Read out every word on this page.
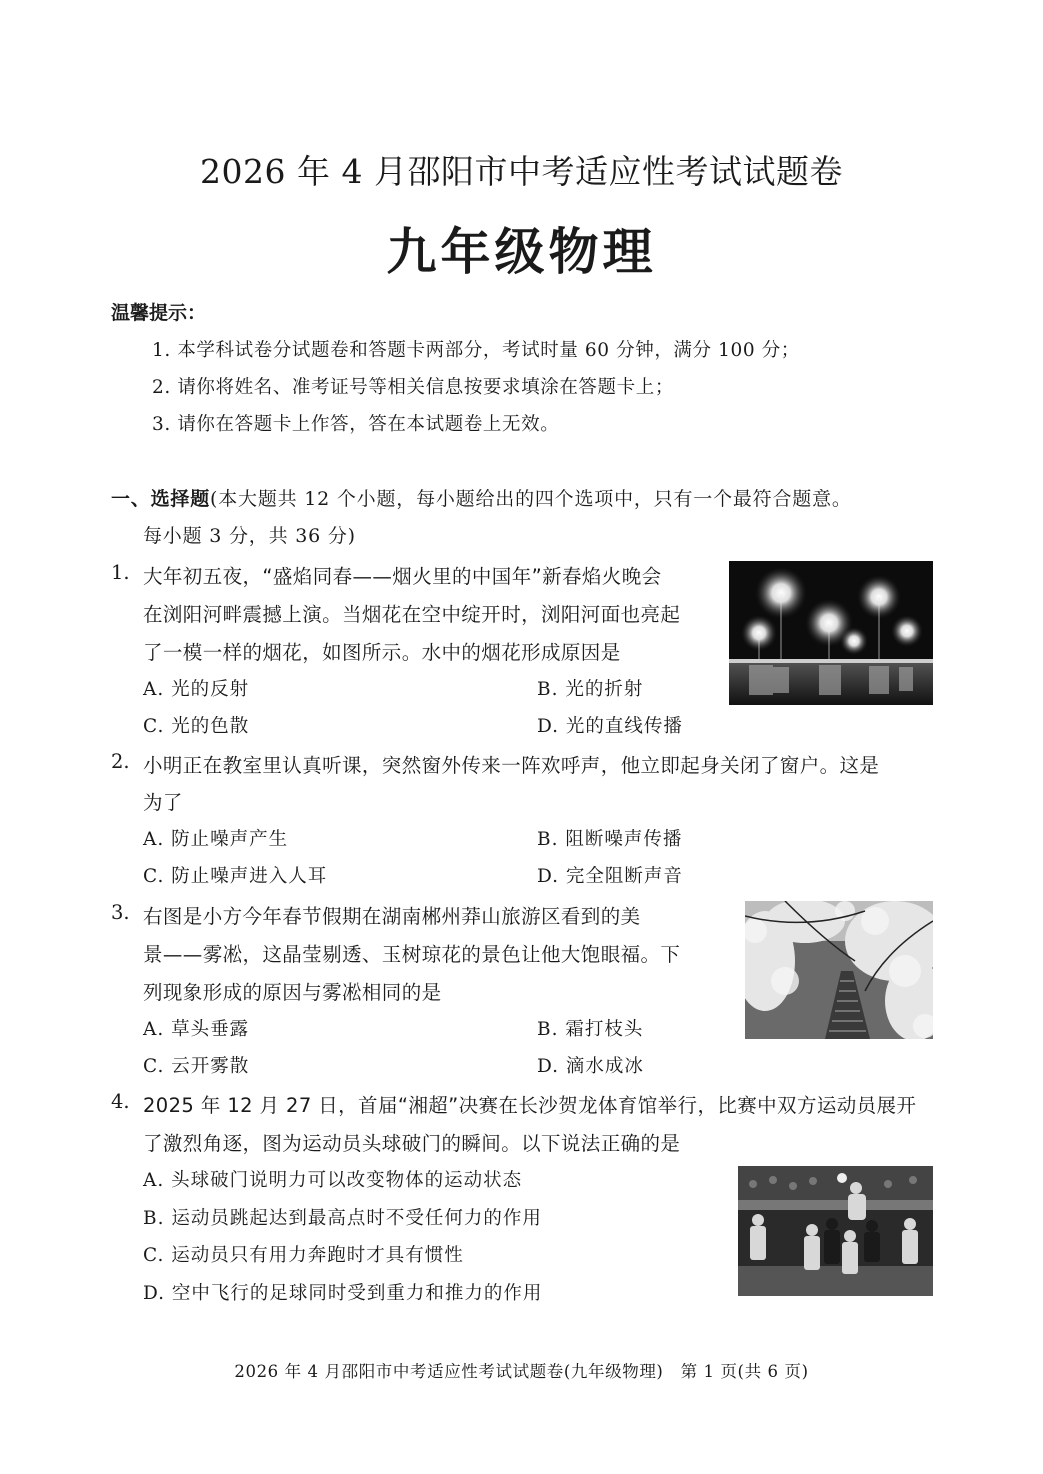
2026 年 4 月邵阳市中考适应性考试试题卷
九年级物理
温馨提示：
1. 本学科试卷分试题卷和答题卡两部分，考试时量 60 分钟，满分 100 分；
2. 请你将姓名、准考证号等相关信息按要求填涂在答题卡上；
3. 请你在答题卡上作答，答在本试题卷上无效。
一、选择题(本大题共 12 个小题，每小题给出的四个选项中，只有一个最符合题意。
每小题 3 分，共 36 分)
1. 大年初五夜，“盛焰同春——烟火里的中国年”新春焰火晚会
在浏阳河畔震撼上演。当烟花在空中绽开时，浏阳河面也亮起
了一模一样的烟花，如图所示。水中的烟花形成原因是
A. 光的反射	B. 光的折射
C. 光的色散	D. 光的直线传播
2. 小明正在教室里认真听课，突然窗外传来一阵欢呼声，他立即起身关闭了窗户。这是
为了
A. 防止噪声产生	B. 阻断噪声传播
C. 防止噪声进入人耳	D. 完全阻断声音
3. 右图是小方今年春节假期在湖南郴州莽山旅游区看到的美
景——雾凇，这晶莹剔透、玉树琼花的景色让他大饱眼福。下
列现象形成的原因与雾凇相同的是
A. 草头垂露	B. 霜打枝头
C. 云开雾散	D. 滴水成冰
4. 2025 年 12 月 27 日，首届“湘超”决赛在长沙贺龙体育馆举行，比赛中双方运动员展开
了激烈角逐，图为运动员头球破门的瞬间。以下说法正确的是
A. 头球破门说明力可以改变物体的运动状态
B. 运动员跳起达到最高点时不受任何力的作用
C. 运动员只有用力奔跑时才具有惯性
D. 空中飞行的足球同时受到重力和推力的作用
2026 年 4 月邵阳市中考适应性考试试题卷(九年级物理)　第 1 页(共 6 页)
